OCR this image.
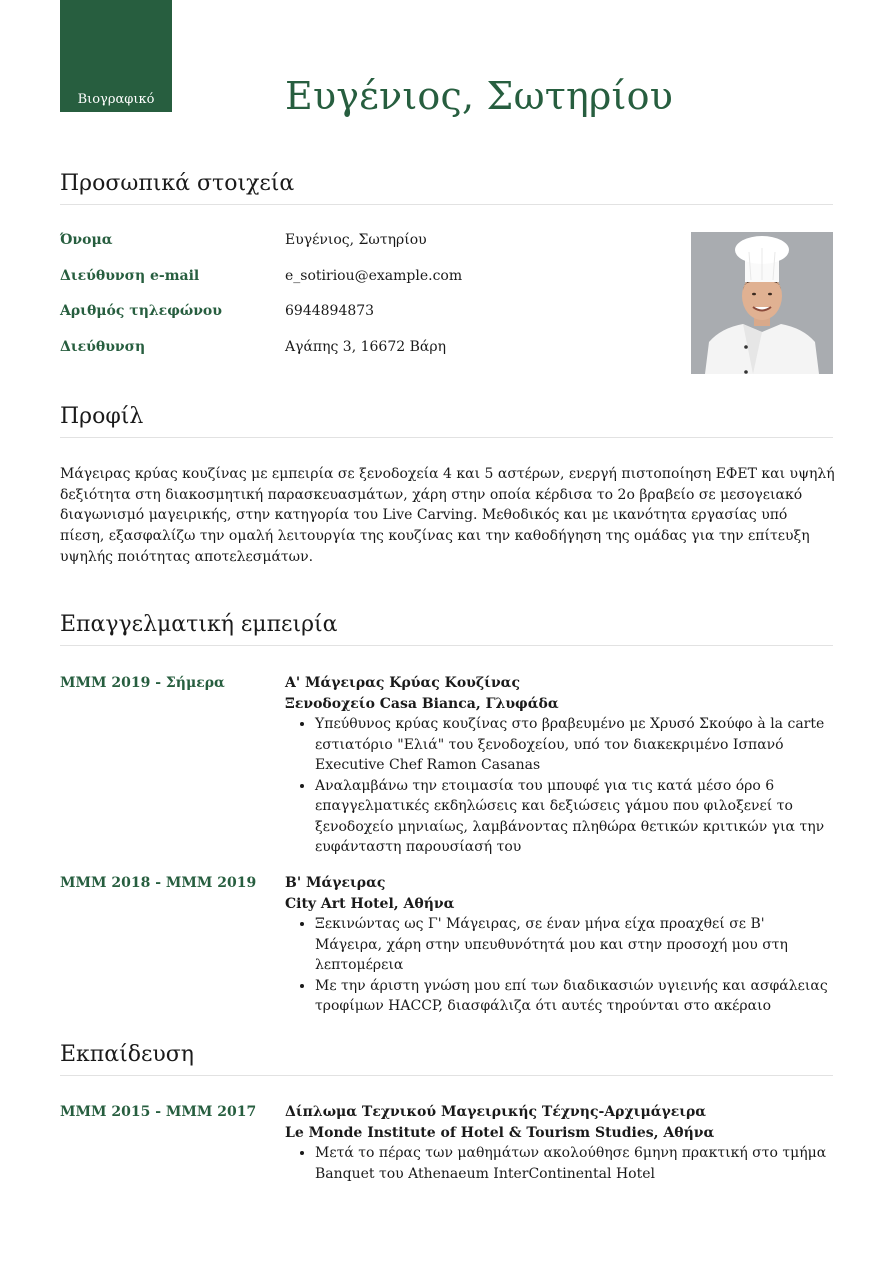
Βιογραφικό	Ευγένιος, Σωτηρίου
Προσωπικά στοιχεία
Όνομα	Ευγένιος, Σωτηρίου
Διεύθυνση e-mail	e_sotiriou@example.com
Αριθμός τηλεφώνου	6944894873
Διεύθυνση	Αγάπης 3, 16672 Βάρη
Προφίλ

Μάγειρας κρύας κουζίνας με εμπειρία σε ξενοδοχεία 4 και 5 αστέρων, ενεργή πιστοποίηση ΕΦΕΤ και υψηλή δεξιότητα στη διακοσμητική παρασκευασμάτων, χάρη στην οποία κέρδισα το 2ο βραβείο σε μεσογειακό διαγωνισμό μαγειρικής, στην κατηγορία του Live Carving. Μεθοδικός και με ικανότητα εργασίας υπό πίεση, εξασφαλίζω την ομαλή λειτουργία της κουζίνας και την καθοδήγηση της ομάδας για την επίτευξη υψηλής ποιότητας αποτελεσμάτων.

Επαγγελματική εμπειρία
ΜΜΜ 2019 - Σήμερα	Α' Μάγειρας Κρύας Κουζίνας
Ξενοδοχείο Casa Bianca, Γλυφάδα
• Υπεύθυνος κρύας κουζίνας στο βραβευμένο με Χρυσό Σκούφο à la carte εστιατόριο "Ελιά" του ξενοδοχείου, υπό τον διακεκριμένο Ισπανό Executive Chef Ramon Casanas
• Αναλαμβάνω την ετοιμασία του μπουφέ για τις κατά μέσο όρο 6 επαγγελματικές εκδηλώσεις και δεξιώσεις γάμου που φιλοξενεί το ξενοδοχείο μηνιαίως, λαμβάνοντας πληθώρα θετικών κριτικών για την ευφάνταστη παρουσίασή του
ΜΜΜ 2018 - ΜΜΜ 2019	Β' Μάγειρας
City Art Hotel, Αθήνα
• Ξεκινώντας ως Γ' Μάγειρας, σε έναν μήνα είχα προαχθεί σε Β' Μάγειρα, χάρη στην υπευθυνότητά μου και στην προσοχή μου στη λεπτομέρεια
• Με την άριστη γνώση μου επί των διαδικασιών υγιεινής και ασφάλειας τροφίμων HACCP, διασφάλιζα ότι αυτές τηρούνται στο ακέραιο
Εκπαίδευση
ΜΜΜ 2015 - ΜΜΜ 2017	Δίπλωμα Τεχνικού Μαγειρικής Τέχνης-Αρχιμάγειρα
Le Monde Institute of Hotel & Tourism Studies, Αθήνα
• Μετά το πέρας των μαθημάτων ακολούθησε 6μηνη πρακτική στο τμήμα Banquet του Athenaeum InterContinental Hotel
